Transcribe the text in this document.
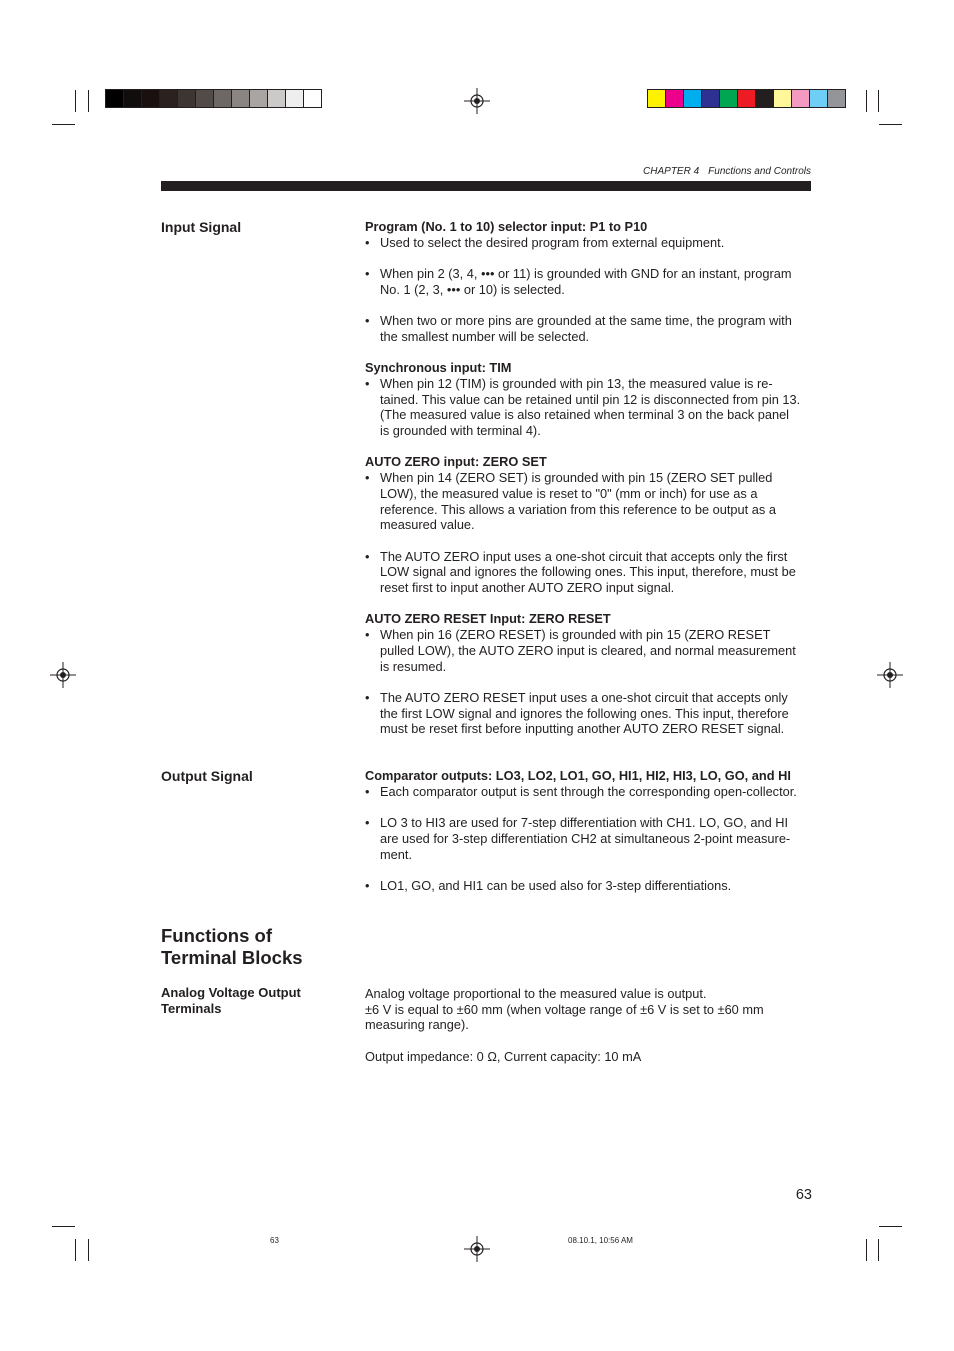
CHAPTER 4 Functions and Controls
Input Signal	Program (No. 1 to 10) selector input: P1 to P10
• Used to select the desired program from external equipment.
• When pin 2 (3, 4, ••• or 11) is grounded with GND for an instant, program
No. 1 (2, 3, ••• or 10) is selected.
• When two or more pins are grounded at the same time, the program with
the smallest number will be selected.
Synchronous input: TIM
• When pin 12 (TIM) is grounded with pin 13, the measured value is re-
tained. This value can be retained until pin 12 is disconnected from pin 13.
(The measured value is also retained when terminal 3 on the back panel
is grounded with terminal 4).
AUTO ZERO input: ZERO SET
• When pin 14 (ZERO SET) is grounded with pin 15 (ZERO SET pulled
LOW), the measured value is reset to "0" (mm or inch) for use as a
reference. This allows a variation from this reference to be output as a
measured value.
• The AUTO ZERO input uses a one-shot circuit that accepts only the first
LOW signal and ignores the following ones. This input, therefore, must be
reset first to input another AUTO ZERO input signal.
AUTO ZERO RESET Input: ZERO RESET
• When pin 16 (ZERO RESET) is grounded with pin 15 (ZERO RESET
pulled LOW), the AUTO ZERO input is cleared, and normal measurement
is resumed.
• The AUTO ZERO RESET input uses a one-shot circuit that accepts only
the first LOW signal and ignores the following ones. This input, therefore
must be reset first before inputting another AUTO ZERO RESET signal.
Output Signal	Comparator outputs: LO3, LO2, LO1, GO, HI1, HI2, HI3, LO, GO, and HI
• Each comparator output is sent through the corresponding open-collector.
• LO 3 to HI3 are used for 7-step differentiation with CH1. LO, GO, and HI
are used for 3-step differentiation CH2 at simultaneous 2-point measure-
ment.
• LO1, GO, and HI1 can be used also for 3-step differentiations.
Functions of
Terminal Blocks
Analog Voltage Output
Terminals
Analog voltage proportional to the measured value is output.
±6 V is equal to ±60 mm (when voltage range of ±6 V is set to ±60 mm
measuring range).
Output impedance: 0 Ω, Current capacity: 10 mA
63
63	08.10.1, 10:56 AM
